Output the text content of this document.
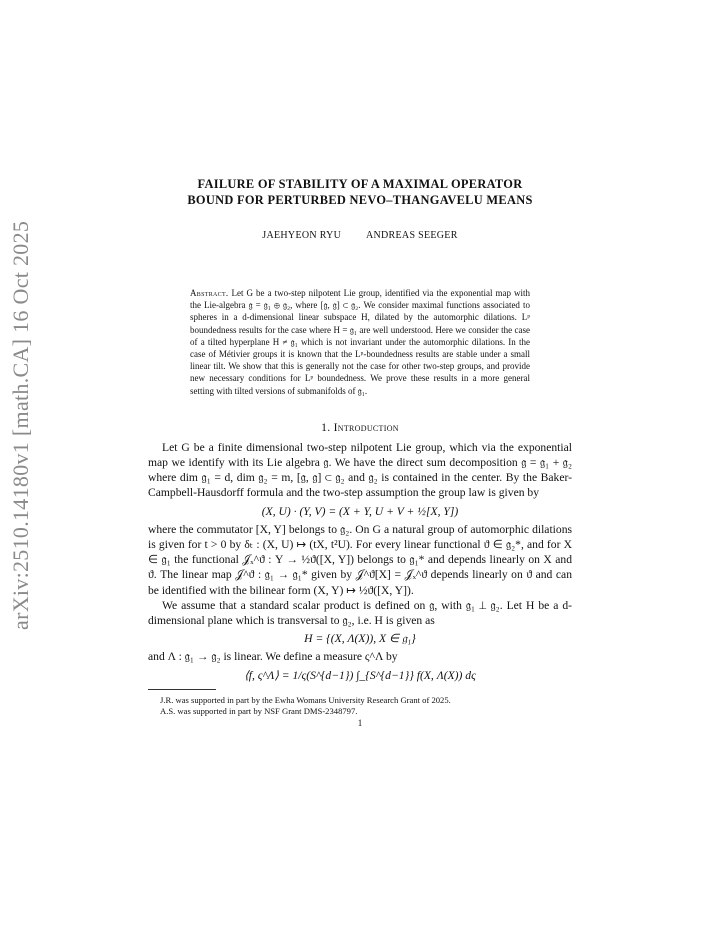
arXiv:2510.14180v1 [math.CA] 16 Oct 2025
FAILURE OF STABILITY OF A MAXIMAL OPERATOR
BOUND FOR PERTURBED NEVO–THANGAVELU MEANS
JAEHYEON RYU ANDREAS SEEGER
Abstract. Let G be a two-step nilpotent Lie group, identified via the exponential map with the Lie-algebra 𝔤 = 𝔤₁ ⊕ 𝔤₂, where [𝔤, 𝔤] ⊂ 𝔤₂. We consider maximal functions associated to spheres in a d-dimensional linear subspace H, dilated by the automorphic dilations. Lᵖ boundedness results for the case where H = 𝔤₁ are well understood. Here we consider the case of a tilted hyperplane H ≠ 𝔤₁ which is not invariant under the automorphic dilations. In the case of Métivier groups it is known that the Lᵖ-boundedness results are stable under a small linear tilt. We show that this is generally not the case for other two-step groups, and provide new necessary conditions for Lᵖ boundedness. We prove these results in a more general setting with tilted versions of submanifolds of 𝔤₁.
1. Introduction

Let G be a finite dimensional two-step nilpotent Lie group, which via the exponential map we identify with its Lie algebra 𝔤. We have the direct sum decomposition 𝔤 = 𝔤₁ + 𝔤₂ where dim 𝔤₁ = d, dim 𝔤₂ = m, [𝔤, 𝔤] ⊂ 𝔤₂ and 𝔤₂ is contained in the center. By the Baker-Campbell-Hausdorff formula and the two-step assumption the group law is given by

(X, U) · (Y, V) = (X + Y, U + V + ½[X, Y])

where the commutator [X, Y] belongs to 𝔤₂. On G a natural group of automorphic dilations is given for t > 0 by δₜ : (X, U) ↦ (tX, t²U). For every linear functional ϑ ∈ 𝔤₂*, and for X ∈ 𝔤₁ the functional 𝒥ₓ^ϑ : Y → ½ϑ([X, Y]) belongs to 𝔤₁* and depends linearly on X and ϑ. The linear map 𝒥^ϑ : 𝔤₁ → 𝔤₁* given by 𝒥^ϑ[X] = 𝒥ₓ^ϑ depends linearly on ϑ and can be identified with the bilinear form (X, Y) ↦ ½ϑ([X, Y]).

We assume that a standard scalar product is defined on 𝔤, with 𝔤₁ ⊥ 𝔤₂. Let H be a d-dimensional plane which is transversal to 𝔤₂, i.e. H is given as

H = {(X, Λ(X)), X ∈ 𝔤₁}

and Λ : 𝔤₁ → 𝔤₂ is linear. We define a measure ς^Λ by

⟨f, ς^Λ⟩ = 1/ς(S^{d−1}) ∫_{S^{d−1}} f(X, Λ(X)) dς
J.R. was supported in part by the Ewha Womans University Research Grant of 2025.
A.S. was supported in part by NSF Grant DMS-2348797.
1
